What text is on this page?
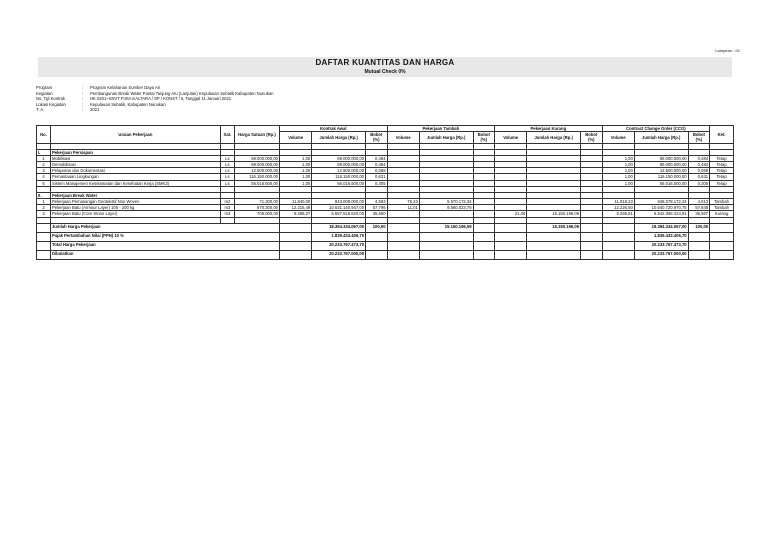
Lampiran - 01
DAFTAR KUANTITAS DAN HARGA
Mutual Check 0%
Program	:	Program Kelahanan Sumber Daya Air
Kegiatan	:	Pembangunan Break Water Pantai Tanjung Aru (Lanjutan) Kepulauan Sebatik Kabupaten Nunukan
No, Tgl Kontrak	:	HK.0201~SNVT PJSA KALTARA / SP / KONST / 6, Tanggal 11 Januari 2021
Lokasi Kegiatan	:	Kepulauan Sebatik, Kabupaten Nunukan
T. A.	:	2021
No.	Uraian Pekerjaan	Sat.	Harga Satuan (Rp.)	Kontrak Awal			Pekerjaan Tambah			Pekerjaan Kurang			Contract Change Order (CCO)			Ket.
				Volume	Jumlah Harga (Rp.)	Bobot (%)	Volume	Jumlah Harga (Rp.)	Bobot (%)	Volume	Jumlah Harga (Rp.)	Bobot (%)	Volume	Jumlah Harga (Rp.)	Bobot (%)	

I.	Pekerjaan Persiapan															
1	Mobilisasi	Ls	89.000.000,00	1,00	89.000.000,00	0,484							1,00	89.000.000,00	0,484	Tetap
2	Demobilisasi	Ls	89.000.000,00	1,00	89.000.000,00	0,484							1,00	89.000.000,00	0,484	Tetap
3	Pelaporan dan Dokumentasi	Ls	12.500.000,00	1,00	12.500.000,00	0,068							1,00	12.500.000,00	0,068	Tetap
4	Pemantauan Lingkungan	Ls	116.150.000,00	1,00	116.150.000,00	0,631							1,00	116.150.000,00	0,631	Tetap
5	Sistem Manajemen Keselamatan dan Kesehatan Kerja (SMK3)	Ls	56.016.500,00	1,00	56.016.500,00	0,305							1,00	56.016.500,00	0,305	Tetap

II.	Pekerjaan Break Water															
1	Pekerjaan Pemasangan Geotekstil Non Woven	m2	71.200,00	11.840,00	843.008.000,00	4,583	78,23	5.570.172,34					11.918,23	848.578.172,34	4,613	Tambah
2	Pekerjaan Batu (Armour Layer) 100 - 200 kg	m3	870.300,00	12.215,49	10.631.140.947,00	57,796	11,01	9.580.023,75					12.226,50	10.640.720.970,75	57,848	Tambah
3	Pekerjaan Batu (Core Stone Layer)	m3	706.000,00	9.288,27	6.557.518.620,00	35,650				21,46	15.150.196,09		9.266,81	6.542.368.423,91	35,567	Kurang

	Jumlah Harga Pekerjaan				18.394.334.067,00	100,00		15.150.196,09			15.150.196,09			18.394.334.067,00	100,00	
	Pajak Pertambahan Nilai (PPN) 10 %				1.839.433.406,70									1.839.433.406,70		
	Total Harga Pekerjaan				20.233.767.473,70									20.233.767.473,70		
	Dibulatkan				20.233.767.000,00									20.233.767.000,00		
